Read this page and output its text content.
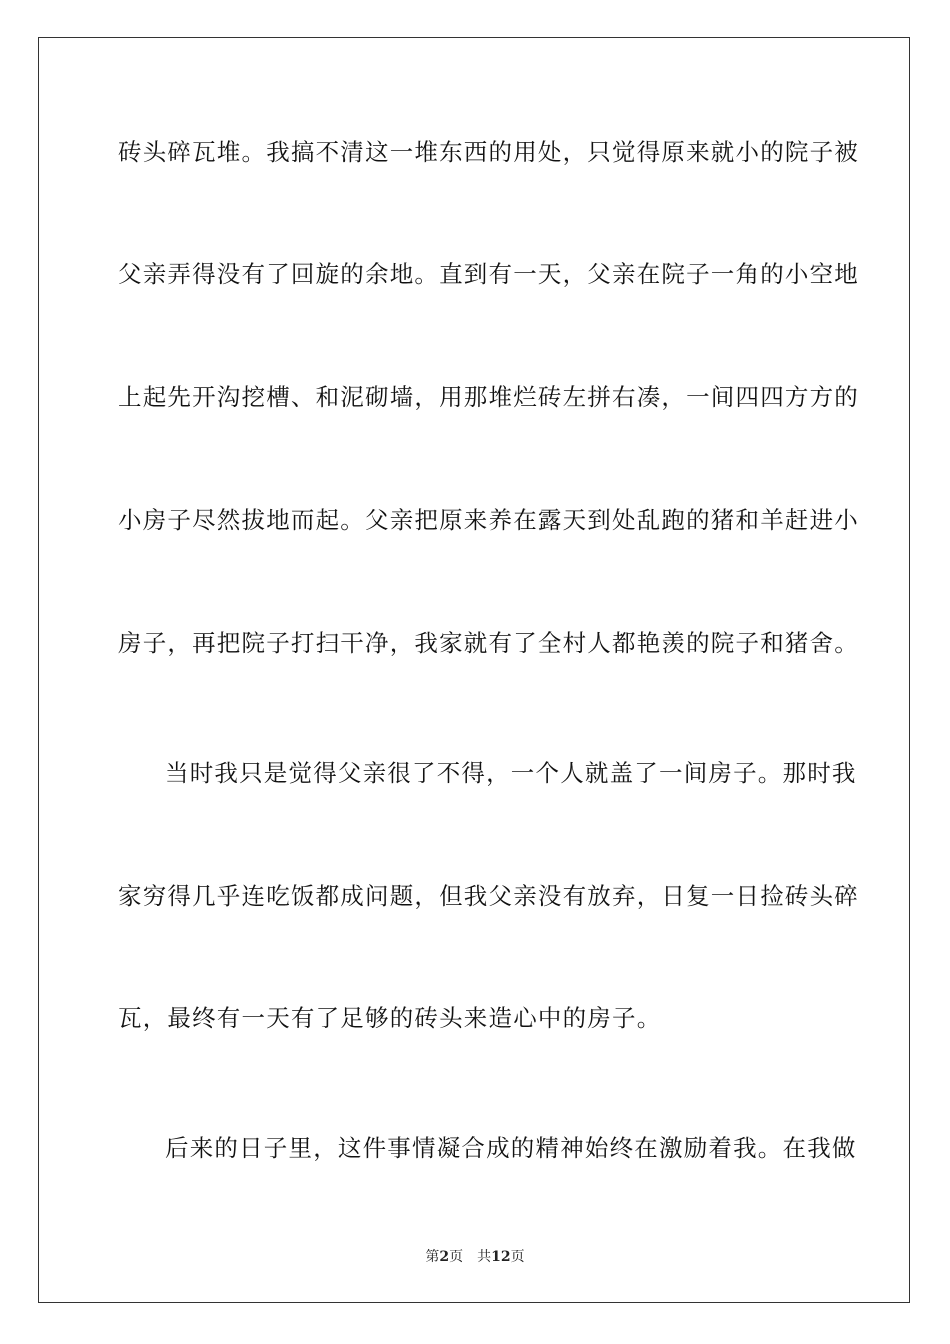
砖头碎瓦堆。我搞不清这一堆东西的用处，只觉得原来就小的院子被
父亲弄得没有了回旋的余地。直到有一天，父亲在院子一角的小空地
上起先开沟挖槽、和泥砌墙，用那堆烂砖左拼右凑，一间四四方方的
小房子尽然拔地而起。父亲把原来养在露天到处乱跑的猪和羊赶进小
房子，再把院子打扫干净，我家就有了全村人都艳羡的院子和猪舍。
当时我只是觉得父亲很了不得，一个人就盖了一间房子。那时我
家穷得几乎连吃饭都成问题，但我父亲没有放弃，日复一日捡砖头碎
瓦，最终有一天有了足够的砖头来造心中的房子。
后来的日子里，这件事情凝合成的精神始终在激励着我。在我做
第2页 共12页
